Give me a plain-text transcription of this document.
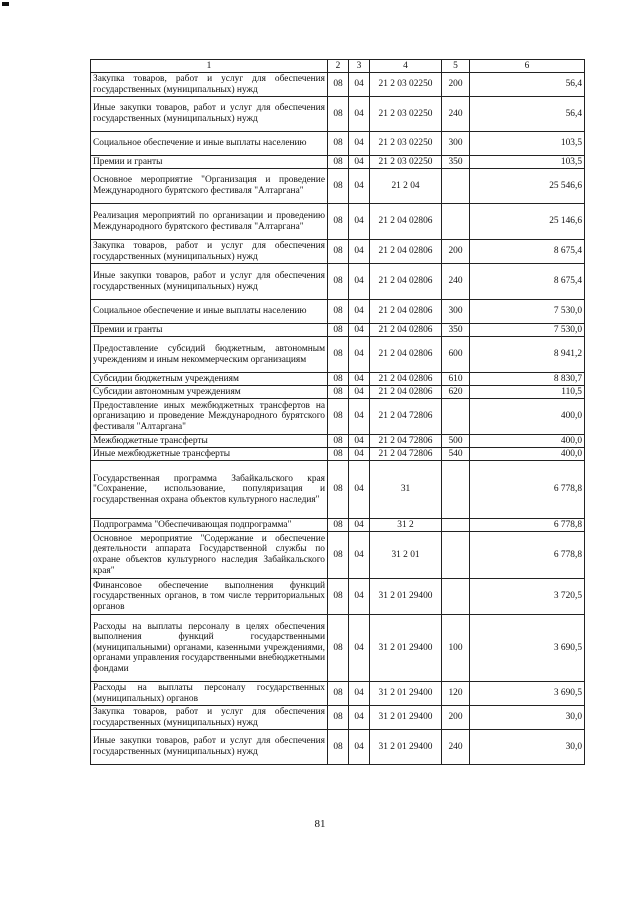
1	2	3	4	5	6
Закупка товаров, работ и услуг для обеспечения государственных (муниципальных) нужд	08	04	21 2 03 02250	200	56,4
Иные закупки товаров, работ и услуг для обеспечения государственных (муниципальных) нужд	08	04	21 2 03 02250	240	56,4
Социальное обеспечение и иные выплаты населению	08	04	21 2 03 02250	300	103,5
Премии и гранты	08	04	21 2 03 02250	350	103,5
Основное мероприятие "Организация и проведение Международного бурятского фестиваля "Алтаргана"	08	04	21 2 04		25 546,6
Реализация мероприятий по организации и проведению Международного бурятского фестиваля "Алтаргана"	08	04	21 2 04 02806		25 146,6
Закупка товаров, работ и услуг для обеспечения государственных (муниципальных) нужд	08	04	21 2 04 02806	200	8 675,4
Иные закупки товаров, работ и услуг для обеспечения государственных (муниципальных) нужд	08	04	21 2 04 02806	240	8 675,4
Социальное обеспечение и иные выплаты населению	08	04	21 2 04 02806	300	7 530,0
Премии и гранты	08	04	21 2 04 02806	350	7 530,0
Предоставление субсидий бюджетным, автономным учреждениям и иным некоммерческим организациям	08	04	21 2 04 02806	600	8 941,2
Субсидии бюджетным учреждениям	08	04	21 2 04 02806	610	8 830,7
Субсидии автономным учреждениям	08	04	21 2 04 02806	620	110,5
Предоставление иных межбюджетных трансфертов на организацию и проведение Международного бурятского фестиваля "Алтаргана"	08	04	21 2 04 72806		400,0
Межбюджетные трансферты	08	04	21 2 04 72806	500	400,0
Иные межбюджетные трансферты	08	04	21 2 04 72806	540	400,0
Государственная программа Забайкальского края "Сохранение, использование, популяризация и государственная охрана объектов культурного наследия"	08	04	31		6 778,8
Подпрограмма "Обеспечивающая подпрограмма"	08	04	31 2		6 778,8
Основное мероприятие "Содержание и обеспечение деятельности аппарата Государственной службы по охране объектов культурного наследия Забайкальского края"	08	04	31 2 01		6 778,8
Финансовое обеспечение выполнения функций государственных органов, в том числе территориальных органов	08	04	31 2 01 29400		3 720,5
Расходы на выплаты персоналу в целях обеспечения выполнения функций государственными (муниципальными) органами, казенными учреждениями, органами управления государственными внебюджетными фондами	08	04	31 2 01 29400	100	3 690,5
Расходы на выплаты персоналу государственных (муниципальных) органов	08	04	31 2 01 29400	120	3 690,5
Закупка товаров, работ и услуг для обеспечения государственных (муниципальных) нужд	08	04	31 2 01 29400	200	30,0
Иные закупки товаров, работ и услуг для обеспечения государственных (муниципальных) нужд	08	04	31 2 01 29400	240	30,0
81
